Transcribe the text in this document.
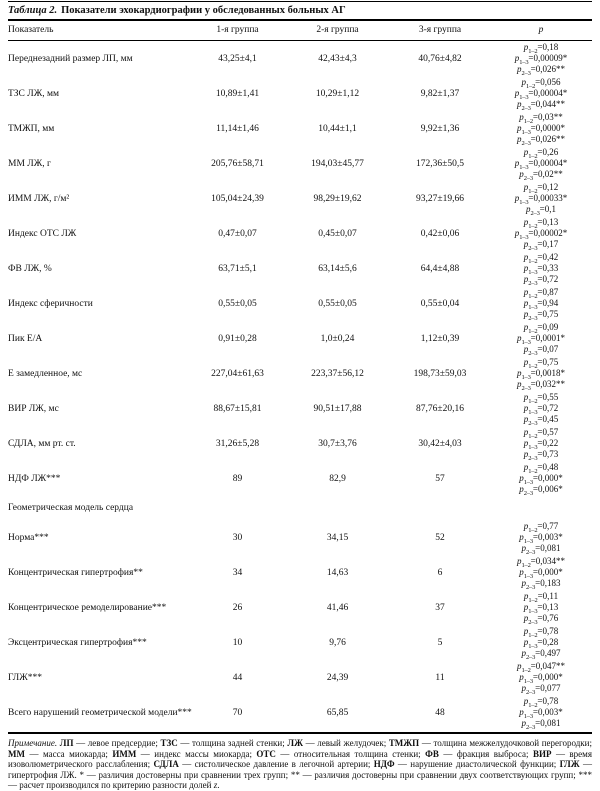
Таблица 2. Показатели эхокардиографии у обследованных больных АГ
Показатель	1-я группа	2-я группа	3-я группа	p
Переднезадний размер ЛП, мм	43,25±4,1	42,43±4,3	40,76±4,82	$p_{1-2}=0,18$
$p_{1-3}=0,00009*$
$p_{2-3}=0,026**$

ТЗС ЛЖ, мм	10,89±1,41	10,29±1,12	9,82±1,37	$p_{1-2}=0,056$
$p_{1-3}=0,00004*$
$p_{2-3}=0,044**$

ТМЖП, мм	11,14±1,46	10,44±1,1	9,92±1,36	$p_{1-2}=0,03**$
$p_{1-3}=0,0000*$
$p_{2-3}=0,026**$

ММ ЛЖ, г	205,76±58,71	194,03±45,77	172,36±50,5	$p_{1-2}=0,26$
$p_{1-3}=0,00004*$
$p_{2-3}=0,02**$

ИММ ЛЖ, г/м²	105,04±24,39	98,29±19,62	93,27±19,66	$p_{1-2}=0,12$
$p_{1-3}=0,00033*$
$p_{2-3}=0,1$

Индекс ОТС ЛЖ	0,47±0,07	0,45±0,07	0,42±0,06	$p_{1-2}=0,13$
$p_{1-3}=0,00002*$
$p_{2-3}=0,17$

ФВ ЛЖ, %	63,71±5,1	63,14±5,6	64,4±4,88	$p_{1-2}=0,42$
$p_{1-3}=0,33$
$p_{2-3}=0,72$

Индекс сферичности	0,55±0,05	0,55±0,05	0,55±0,04	$p_{1-2}=0,87$
$p_{1-3}=0,94$
$p_{2-3}=0,75$

Пик Е/А	0,91±0,28	1,0±0,24	1,12±0,39	$p_{1-2}=0,09$
$p_{1-3}=0,0001*$
$p_{2-3}=0,07$

Е замедленное, мс	227,04±61,63	223,37±56,12	198,73±59,03	$p_{1-2}=0,75$
$p_{1-3}=0,0018*$
$p_{2-3}=0,032**$

ВИР ЛЖ, мс	88,67±15,81	90,51±17,88	87,76±20,16	$p_{1-2}=0,55$
$p_{1-3}=0,72$
$p_{2-3}=0,45$

СДЛА, мм рт. ст.	31,26±5,28	30,7±3,76	30,42±4,03	$p_{1-2}=0,57$
$p_{1-3}=0,22$
$p_{2-3}=0,73$

НДФ ЛЖ***	89	82,9	57	$p_{1-2}=0,48$
$p_{1-3}=0,000*$
$p_{2-3}=0,006*$

Геометрическая модель сердца				
Норма***	30	34,15	52	$p_{1-2}=0,77$
$p_{1-3}=0,003*$
$p_{2-3}=0,081$

Концентрическая гипертрофия**	34	14,63	6	$p_{1-2}=0,034**$
$p_{1-3}=0,000*$
$p_{2-3}=0,183$

Концентрическое ремоделирование***	26	41,46	37	$p_{1-2}=0,11$
$p_{1-3}=0,13$
$p_{2-3}=0,76$

Эксцентрическая гипертрофия***	10	9,76	5	$p_{1-2}=0,78$
$p_{1-3}=0,28$
$p_{2-3}=0,497$

ГЛЖ***	44	24,39	11	$p_{1-2}=0,047**$
$p_{1-3}=0,000*$
$p_{2-3}=0,077$

Всего нарушений геометрической модели***	70	65,85	48	$p_{1-2}=0,78$
$p_{1-3}=0,003*$
$p_{2-3}=0,081$
Примечание. ЛП — левое предсердие; ТЗС — толщина задней стенки; ЛЖ — левый желудочек; ТМЖП — толщина межжелудочковой перегородки; ММ — масса миокарда; ИММ — индекс массы миокарда; ОТС — относительная толщина стенки; ФВ — фракция выброса; ВИР — время изоволюметрического расслабления; СДЛА — систолическое давление в легочной артерии; НДФ — нарушение диастолической функции; ГЛЖ — гипертрофия ЛЖ. * — различия достоверны при сравнении трех групп; ** — различия достоверны при сравнении двух соответствующих групп; *** — расчет производился по критерию разности долей z.
